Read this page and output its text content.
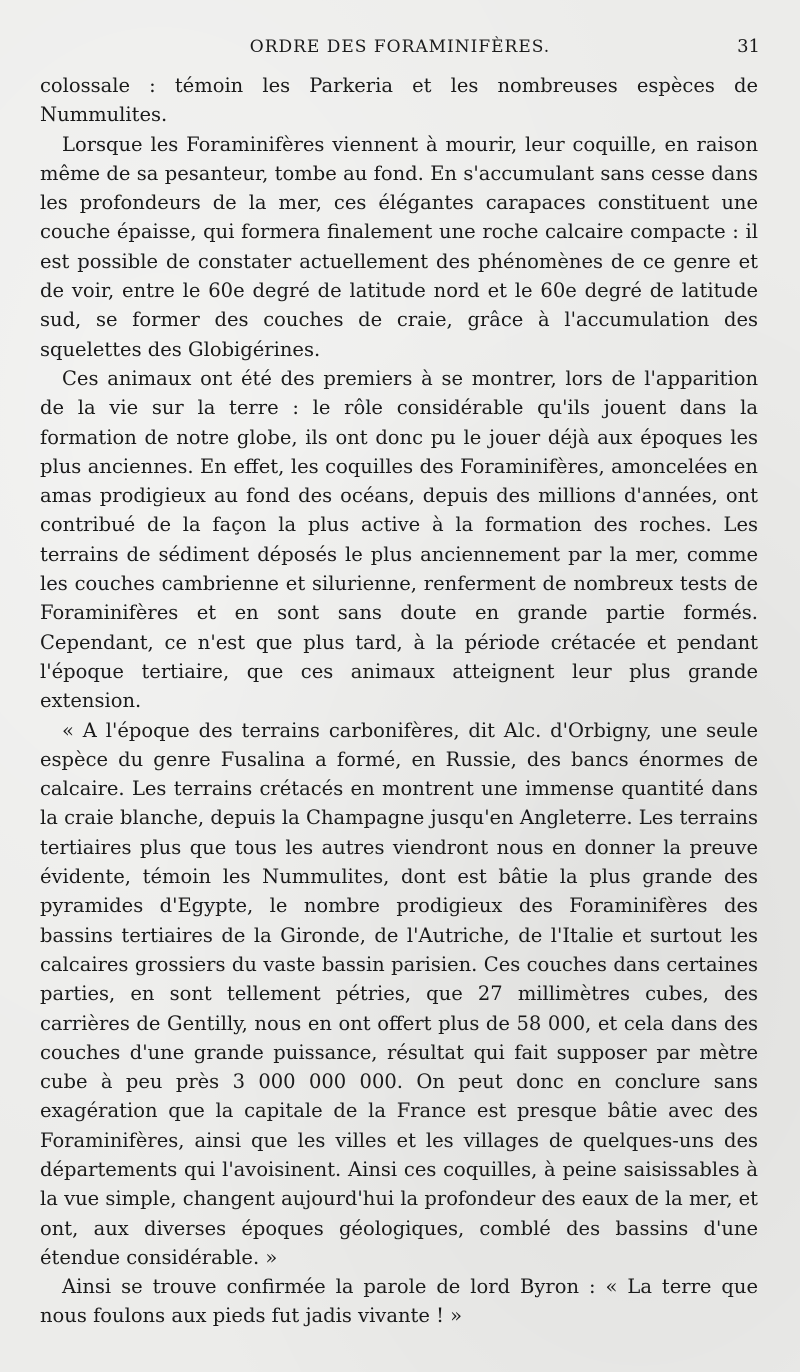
ORDRE DES FORAMINIFÈRES.	31

colossale : témoin les Parkeria et les nombreuses espèces de Nummulites.

Lorsque les Foraminifères viennent à mourir, leur coquille, en raison même de sa pesanteur, tombe au fond. En s'accumulant sans cesse dans les profondeurs de la mer, ces élégantes carapaces constituent une couche épaisse, qui formera finalement une roche calcaire compacte : il est possible de constater actuellement des phénomènes de ce genre et de voir, entre le 60e degré de latitude nord et le 60e degré de latitude sud, se former des couches de craie, grâce à l'accumulation des squelettes des Globigérines.

Ces animaux ont été des premiers à se montrer, lors de l'apparition de la vie sur la terre : le rôle considérable qu'ils jouent dans la formation de notre globe, ils ont donc pu le jouer déjà aux époques les plus anciennes. En effet, les coquilles des Foraminifères, amoncelées en amas prodigieux au fond des océans, depuis des millions d'années, ont contribué de la façon la plus active à la formation des roches. Les terrains de sédiment déposés le plus anciennement par la mer, comme les couches cambrienne et silurienne, renferment de nombreux tests de Foraminifères et en sont sans doute en grande partie formés. Cependant, ce n'est que plus tard, à la période crétacée et pendant l'époque tertiaire, que ces animaux atteignent leur plus grande extension.

« A l'époque des terrains carbonifères, dit Alc. d'Orbigny, une seule espèce du genre Fusalina a formé, en Russie, des bancs énormes de calcaire. Les terrains crétacés en montrent une immense quantité dans la craie blanche, depuis la Champagne jusqu'en Angleterre. Les terrains tertiaires plus que tous les autres viendront nous en donner la preuve évidente, témoin les Nummulites, dont est bâtie la plus grande des pyramides d'Egypte, le nombre prodigieux des Foraminifères des bassins tertiaires de la Gironde, de l'Autriche, de l'Italie et surtout les calcaires grossiers du vaste bassin parisien. Ces couches dans certaines parties, en sont tellement pétries, que 27 millimètres cubes, des carrières de Gentilly, nous en ont offert plus de 58 000, et cela dans des couches d'une grande puissance, résultat qui fait supposer par mètre cube à peu près 3 000 000 000. On peut donc en conclure sans exagération que la capitale de la France est presque bâtie avec des Foraminifères, ainsi que les villes et les villages de quelques-uns des départements qui l'avoisinent. Ainsi ces coquilles, à peine saisissables à la vue simple, changent aujourd'hui la profondeur des eaux de la mer, et ont, aux diverses époques géologiques, comblé des bassins d'une étendue considérable. »

Ainsi se trouve confirmée la parole de lord Byron : « La terre que nous foulons aux pieds fut jadis vivante ! »
